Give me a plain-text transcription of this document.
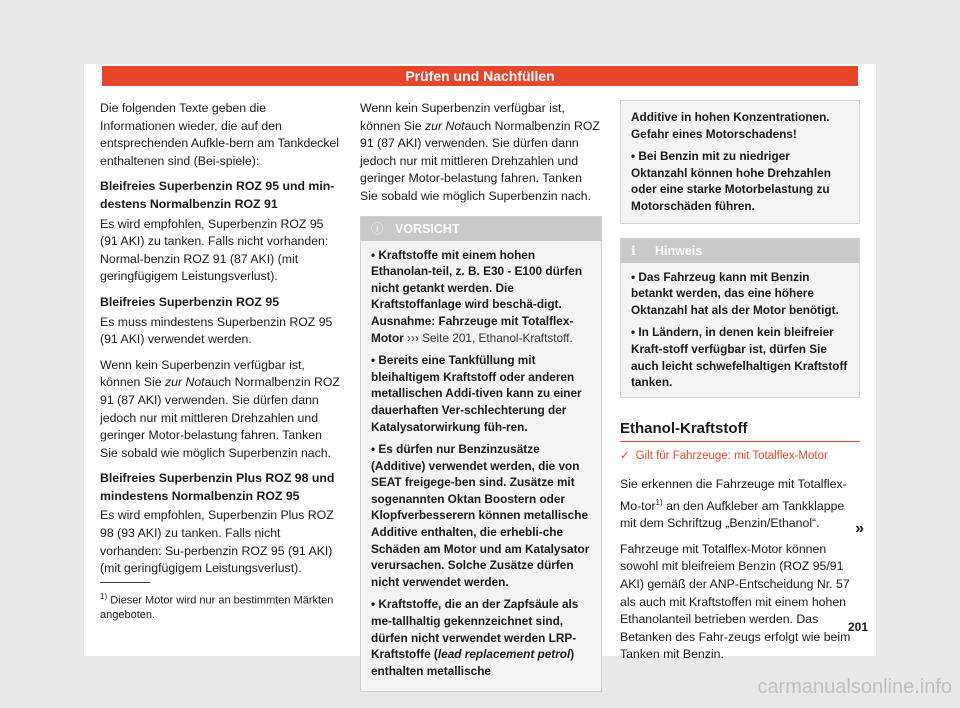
Prüfen und Nachfüllen

Die folgenden Texte geben die Informationen wieder, die auf den entsprechenden Aufkle-bern am Tankdeckel enthaltenen sind (Bei-spiele):

Bleifreies Superbenzin ROZ 95 und min-destens Normalbenzin ROZ 91

Es wird empfohlen, Superbenzin ROZ 95 (91 AKI) zu tanken. Falls nicht vorhanden: Normal-benzin ROZ 91 (87 AKI) (mit geringfügigem Leistungsverlust).

Bleifreies Superbenzin ROZ 95

Es muss mindestens Superbenzin ROZ 95 (91 AKI) verwendet werden.

Wenn kein Superbenzin verfügbar ist, können Sie zur Notauch Normalbenzin ROZ 91 (87 AKI) verwenden. Sie dürfen dann jedoch nur mit mittleren Drehzahlen und geringer Motor-belastung fahren. Tanken Sie sobald wie möglich Superbenzin nach.

Bleifreies Superbenzin Plus ROZ 98 und mindestens Normalbenzin ROZ 95

Es wird empfohlen, Superbenzin Plus ROZ 98 (93 AKI) zu tanken. Falls nicht vorhanden: Su-perbenzin ROZ 95 (91 AKI) (mit geringfügigem Leistungsverlust).

Wenn kein Superbenzin verfügbar ist, können Sie zur Notauch Normalbenzin ROZ 91 (87 AKI) verwenden. Sie dürfen dann jedoch nur mit mittleren Drehzahlen und geringer Motor-belastung fahren. Tanken Sie sobald wie möglich Superbenzin nach.

ⓘ VORSICHT

• Kraftstoffe mit einem hohen Ethanolan-teil, z. B. E30 - E100 dürfen nicht getankt werden. Die Kraftstoffanlage wird beschä-digt. Ausnahme: Fahrzeuge mit Totalflex-Motor ››› Seite 201, Ethanol-Kraftstoff.

• Bereits eine Tankfüllung mit bleihaltigem Kraftstoff oder anderen metallischen Addi-tiven kann zu einer dauerhaften Ver-schlechterung der Katalysatorwirkung füh-ren.

• Es dürfen nur Benzinzusätze (Additive) verwendet werden, die von SEAT freigege-ben sind. Zusätze mit sogenannten Oktan Boostern oder Klopfverbesserern können metallische Additive enthalten, die erhebli-che Schäden am Motor und am Katalysator verursachen. Solche Zusätze dürfen nicht verwendet werden.

• Kraftstoffe, die an der Zapfsäule als me-tallhaltig gekennzeichnet sind, dürfen nicht verwendet werden LRP-Kraftstoffe (lead replacement petrol) enthalten metallische

Additive in hohen Konzentrationen. Gefahr eines Motorschadens!

• Bei Benzin mit zu niedriger Oktanzahl können hohe Drehzahlen oder eine starke Motorbelastung zu Motorschäden führen.

ℹ Hinweis

• Das Fahrzeug kann mit Benzin betankt werden, das eine höhere Oktanzahl hat als der Motor benötigt.

• In Ländern, in denen kein bleifreier Kraft-stoff verfügbar ist, dürfen Sie auch leicht schwefelhaltigen Kraftstoff tanken.

Ethanol-Kraftstoff
✓ Gilt für Fahrzeuge: mit Totalflex-Motor

Sie erkennen die Fahrzeuge mit Totalflex-Mo-tor$^{1)}$ an den Aufkleber am Tankklappe mit dem Schriftzug „Benzin/Ethanol“.

Fahrzeuge mit Totalflex-Motor können sowohl mit bleifreiem Benzin (ROZ 95/91 AKI) gemäß der ANP-Entscheidung Nr. 57 als auch mit Kraftstoffen mit einem hohen Ethanolanteil betrieben werden. Das Betanken des Fahr-zeugs erfolgt wie beim Tanken mit Benzin.

»
$^{1)}$ Dieser Motor wird nur an bestimmten Märkten angeboten.
201
carmanualsonline.info
